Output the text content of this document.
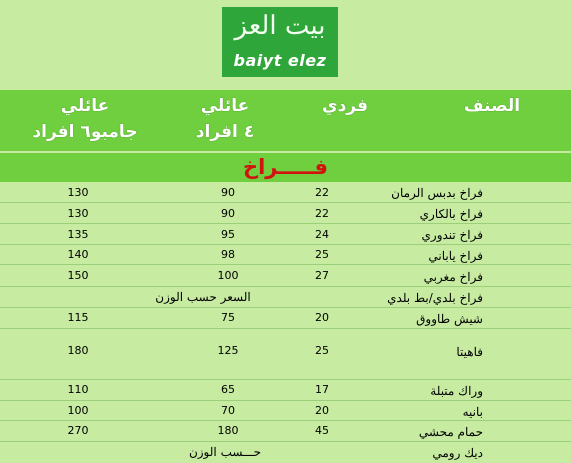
بيت العز
baiyt elez
الصنف
فردي
عائلي
٤ افراد
عائلي
جامبو٦ افراد
فـــــراخ
فراخ بدبس الرمان
22
90
130
فراخ بالكاري
22
90
130
فراخ تندوري
24
95
135
فراخ ياباني
25
98
140
فراخ مغربي
27
100
150
فراخ بلدي/بط بلدي
السعر حسب الوزن
شيش طاووق
20
75
115
فاهيتا
25
125
180
وراك متبلة
17
65
110
بانيه
20
70
100
حمام محشي
45
180
270
ديك رومي
حـــسب الوزن
